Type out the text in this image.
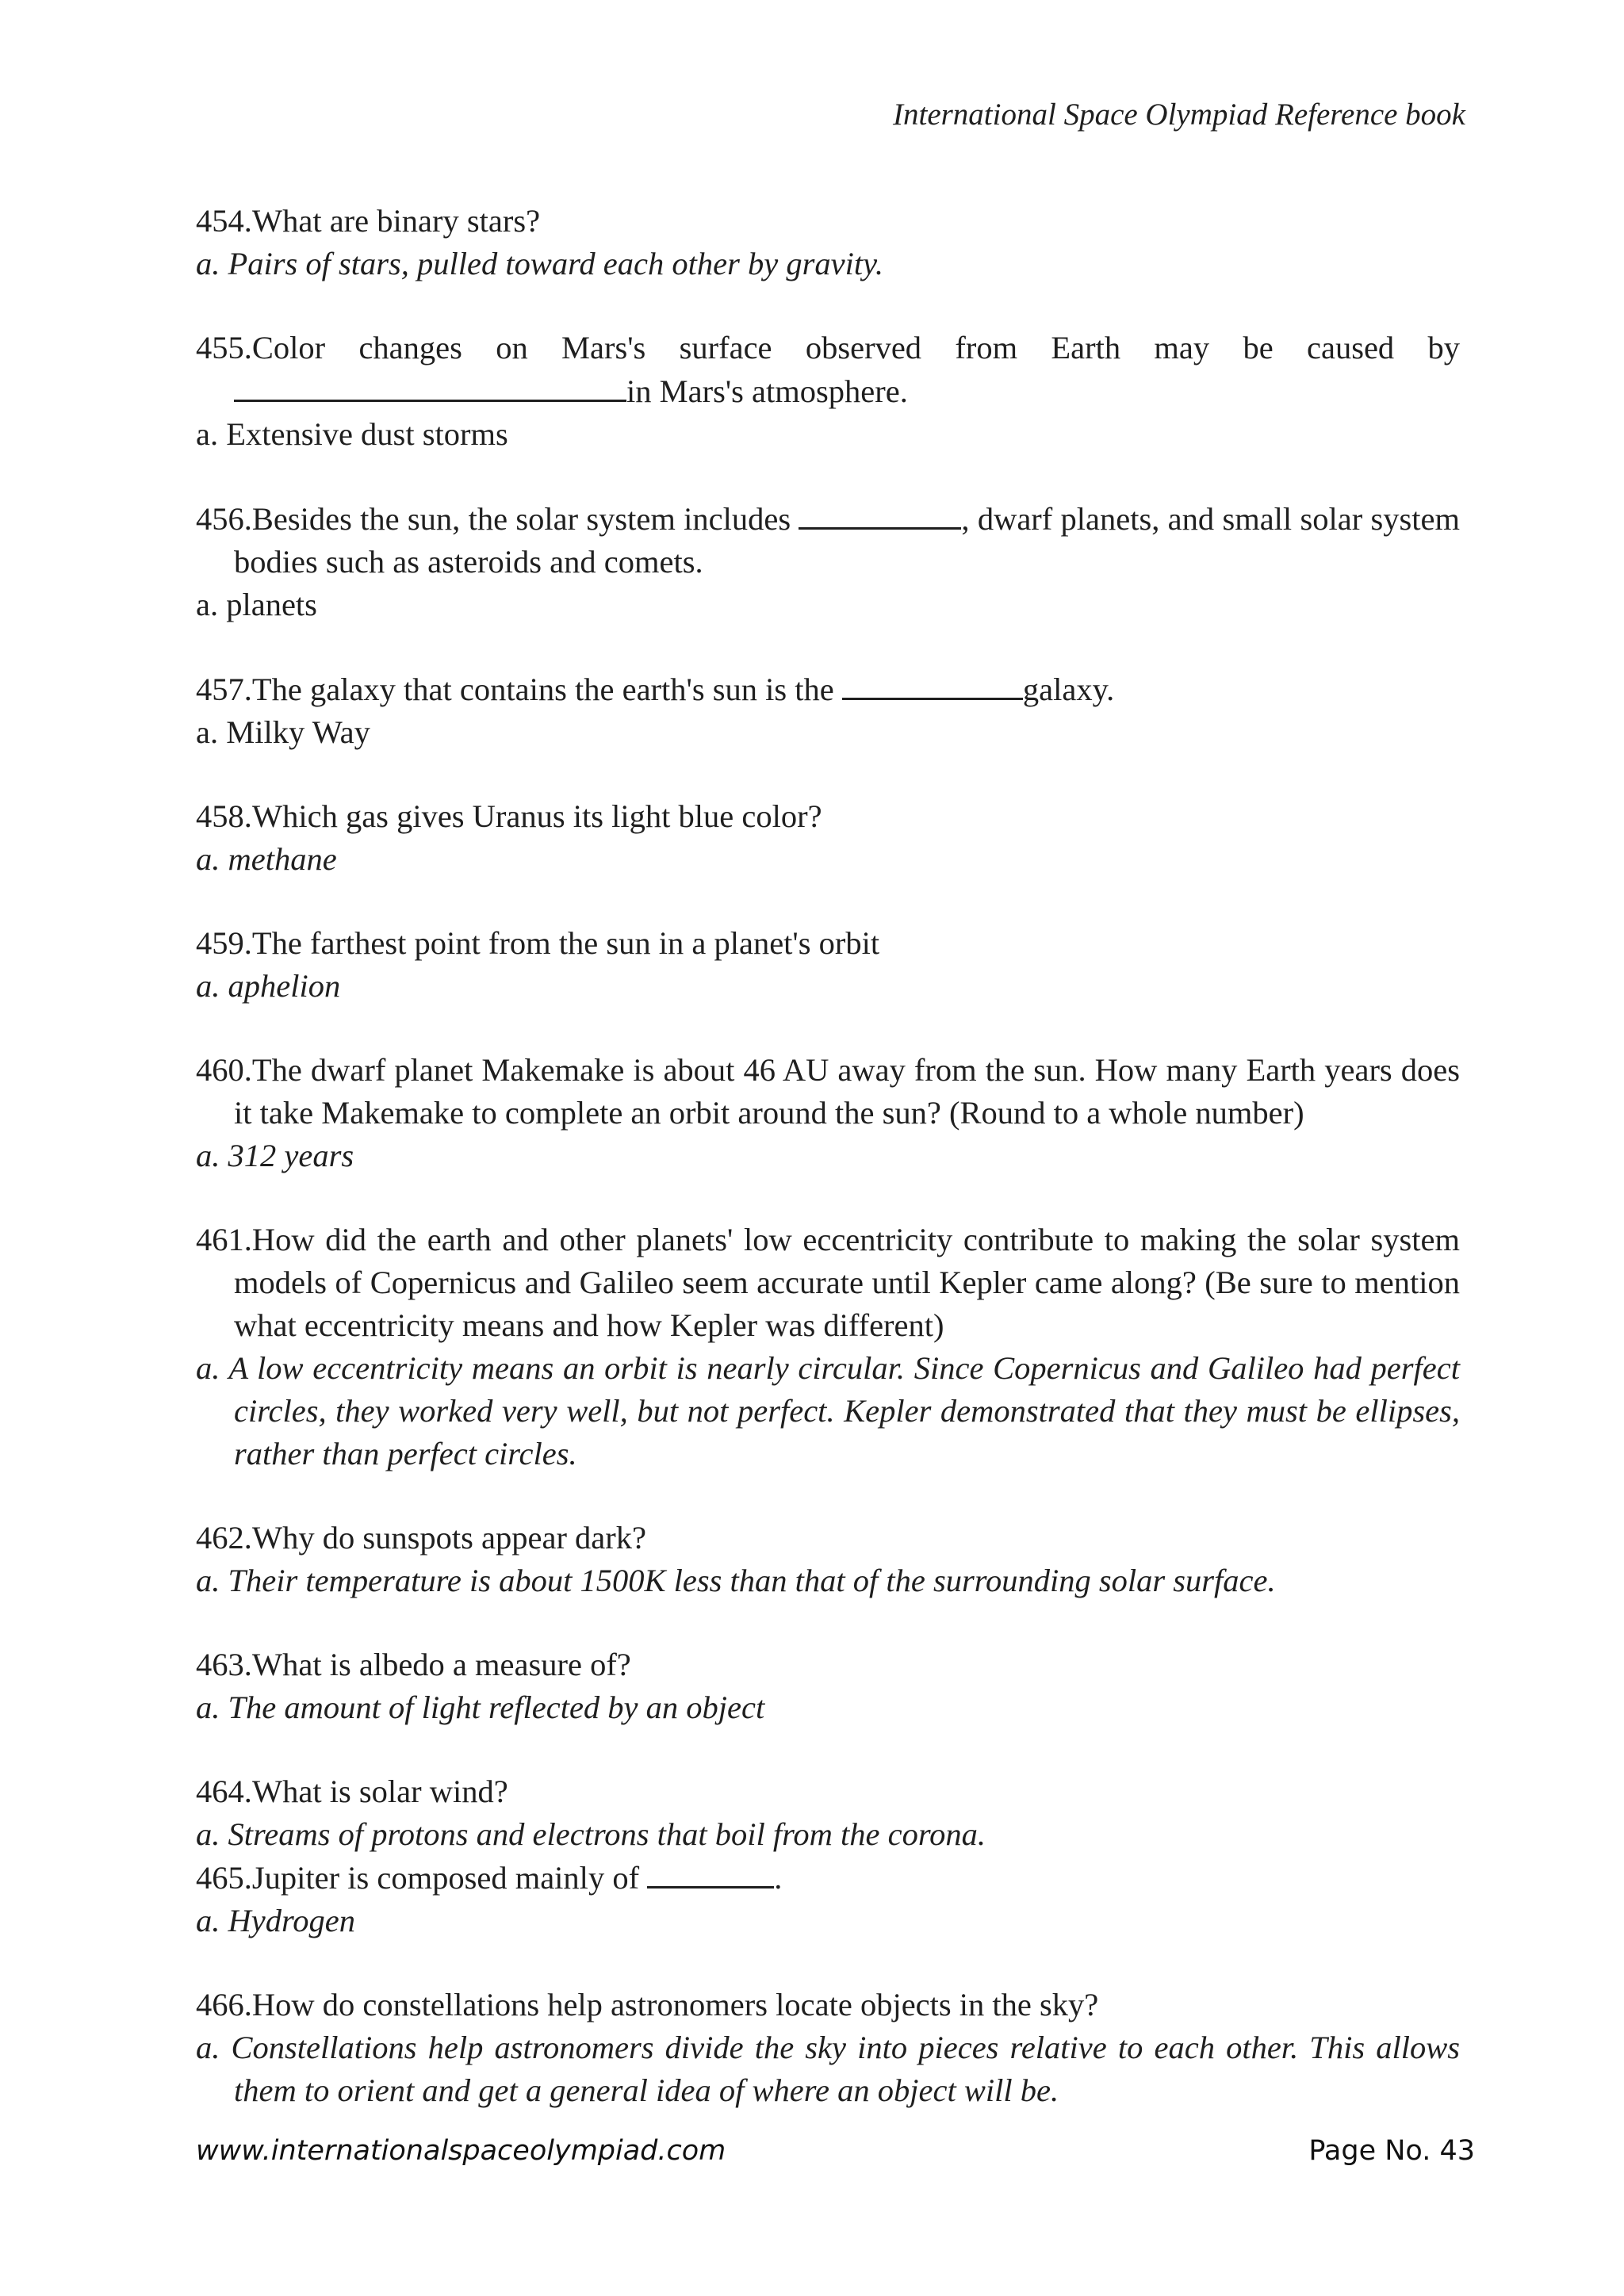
International Space Olympiad Reference book
454.What are binary stars?
a. Pairs of stars, pulled toward each other by gravity.
455.Color changes on Mars's surface observed from Earth may be caused by in Mars's atmosphere.
a. Extensive dust storms
456.Besides the sun, the solar system includes	, dwarf planets, and small solar system bodies such as asteroids and comets.
a. planets
457.The galaxy that contains the earth's sun is the	galaxy.
a. Milky Way
458.Which gas gives Uranus its light blue color?
a. methane
459.The farthest point from the sun in a planet's orbit
a. aphelion
460.The dwarf planet Makemake is about 46 AU away from the sun. How many Earth years does it take Makemake to complete an orbit around the sun? (Round to a whole number)
a. 312 years
461.How did the earth and other planets' low eccentricity contribute to making the solar system models of Copernicus and Galileo seem accurate until Kepler came along? (Be sure to mention what eccentricity means and how Kepler was different)
a. A low eccentricity means an orbit is nearly circular. Since Copernicus and Galileo had perfect circles, they worked very well, but not perfect. Kepler demonstrated that they must be ellipses, rather than perfect circles.
462.Why do sunspots appear dark?
a. Their temperature is about 1500K less than that of the surrounding solar surface.
463.What is albedo a measure of?
a. The amount of light reflected by an object
464.What is solar wind?
a. Streams of protons and electrons that boil from the corona.
465.Jupiter is composed mainly of	.
a. Hydrogen
466.How do constellations help astronomers locate objects in the sky?
a. Constellations help astronomers divide the sky into pieces relative to each other. This allows them to orient and get a general idea of where an object will be.
www.internationalspaceolympiad.com	Page No. 43
